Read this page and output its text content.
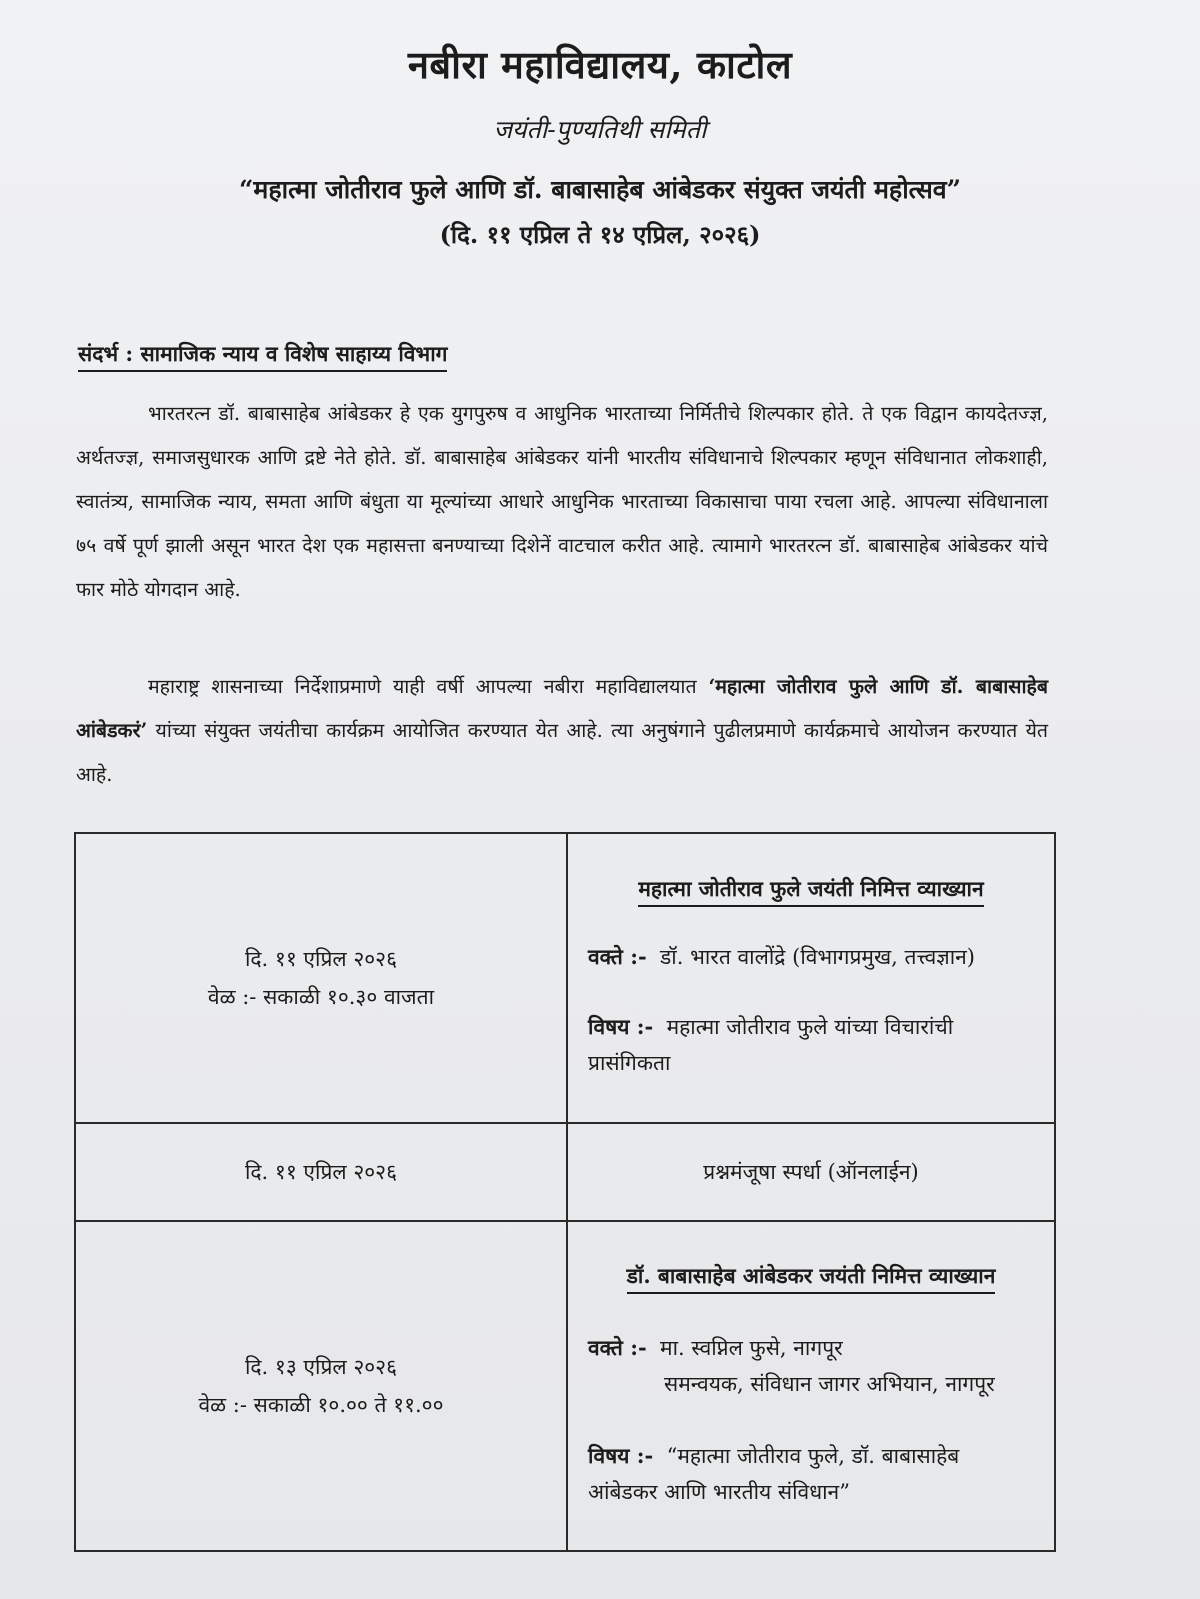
नबीरा महाविद्यालय, काटोल
जयंती-पुण्यतिथी समिती
“महात्मा जोतीराव फुले आणि डॉ. बाबासाहेब आंबेडकर संयुक्त जयंती महोत्सव”
(दि. ११ एप्रिल ते १४ एप्रिल, २०२६)
संदर्भ : सामाजिक न्याय व विशेष साहाय्य विभाग

भारतरत्न डॉ. बाबासाहेब आंबेडकर हे एक युगपुरुष व आधुनिक भारताच्या निर्मितीचे शिल्पकार होते. ते एक विद्वान कायदेतज्ज्ञ, अर्थतज्ज्ञ, समाजसुधारक आणि द्रष्टे नेते होते. डॉ. बाबासाहेब आंबेडकर यांनी भारतीय संविधानाचे शिल्पकार म्हणून संविधानात लोकशाही, स्वातंत्र्य, सामाजिक न्याय, समता आणि बंधुता या मूल्यांच्या आधारे आधुनिक भारताच्या विकासाचा पाया रचला आहे. आपल्या संविधानाला ७५ वर्षे पूर्ण झाली असून भारत देश एक महासत्ता बनण्याच्या दिशेनें वाटचाल करीत आहे. त्यामागे भारतरत्न डॉ. बाबासाहेब आंबेडकर यांचे फार मोठे योगदान आहे.

महाराष्ट्र शासनाच्या निर्देशाप्रमाणे याही वर्षी आपल्या नबीरा महाविद्यालयात ‘महात्मा जोतीराव फुले आणि डॉ. बाबासाहेब आंबेडकरं’ यांच्या संयुक्त जयंतीचा कार्यक्रम आयोजित करण्यात येत आहे. त्या अनुषंगाने पुढीलप्रमाणे कार्यक्रमाचे आयोजन करण्यात येत आहे.

दि. ११ एप्रिल २०२६
वेळ :- सकाळी १०.३० वाजता	महात्मा जोतीराव फुले जयंती निमित्त व्याख्यान
वक्ते :- डॉ. भारत वालोंद्रे (विभागप्रमुख, तत्त्वज्ञान)
विषय :- महात्मा जोतीराव फुले यांच्या विचारांची प्रासंगिकता

दि. ११ एप्रिल २०२६	प्रश्नमंजूषा स्पर्धा (ऑनलाईन)

दि. १३ एप्रिल २०२६
वेळ :- सकाळी १०.०० ते ११.००	डॉ. बाबासाहेब आंबेडकर जयंती निमित्त व्याख्यान
वक्ते :- मा. स्वप्निल फुसे, नागपूर
समन्वयक, संविधान जागर अभियान, नागपूर
विषय :- “महात्मा जोतीराव फुले, डॉ. बाबासाहेब आंबेडकर आणि भारतीय संविधान”
